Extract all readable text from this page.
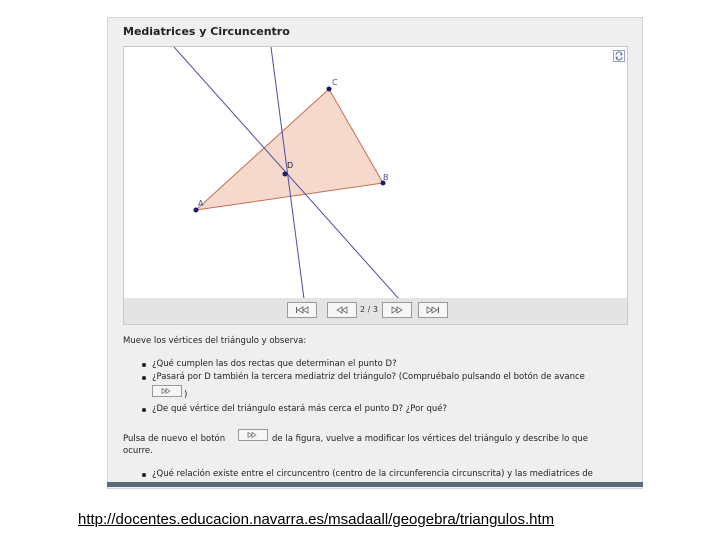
Mediatrices y Circuncentro
A
B
C
D
2 / 3
Mueve los vértices del triángulo y observa:
¿Qué cumplen las dos rectas que determinan el punto D?
¿Pasará por D también la tercera mediatriz del triángulo? (Compruébalo pulsando el botón de avance
)
¿De qué vértice del triángulo estará más cerca el punto D? ¿Por qué?
Pulsa de nuevo el botón	de la figura, vuelve a modificar los vértices del triángulo y describe lo que
ocurre.
¿Qué relación existe entre el circuncentro (centro de la circunferencia circunscrita) y las mediatrices de
http://docentes.educacion.navarra.es/msadaall/geogebra/triangulos.htm
